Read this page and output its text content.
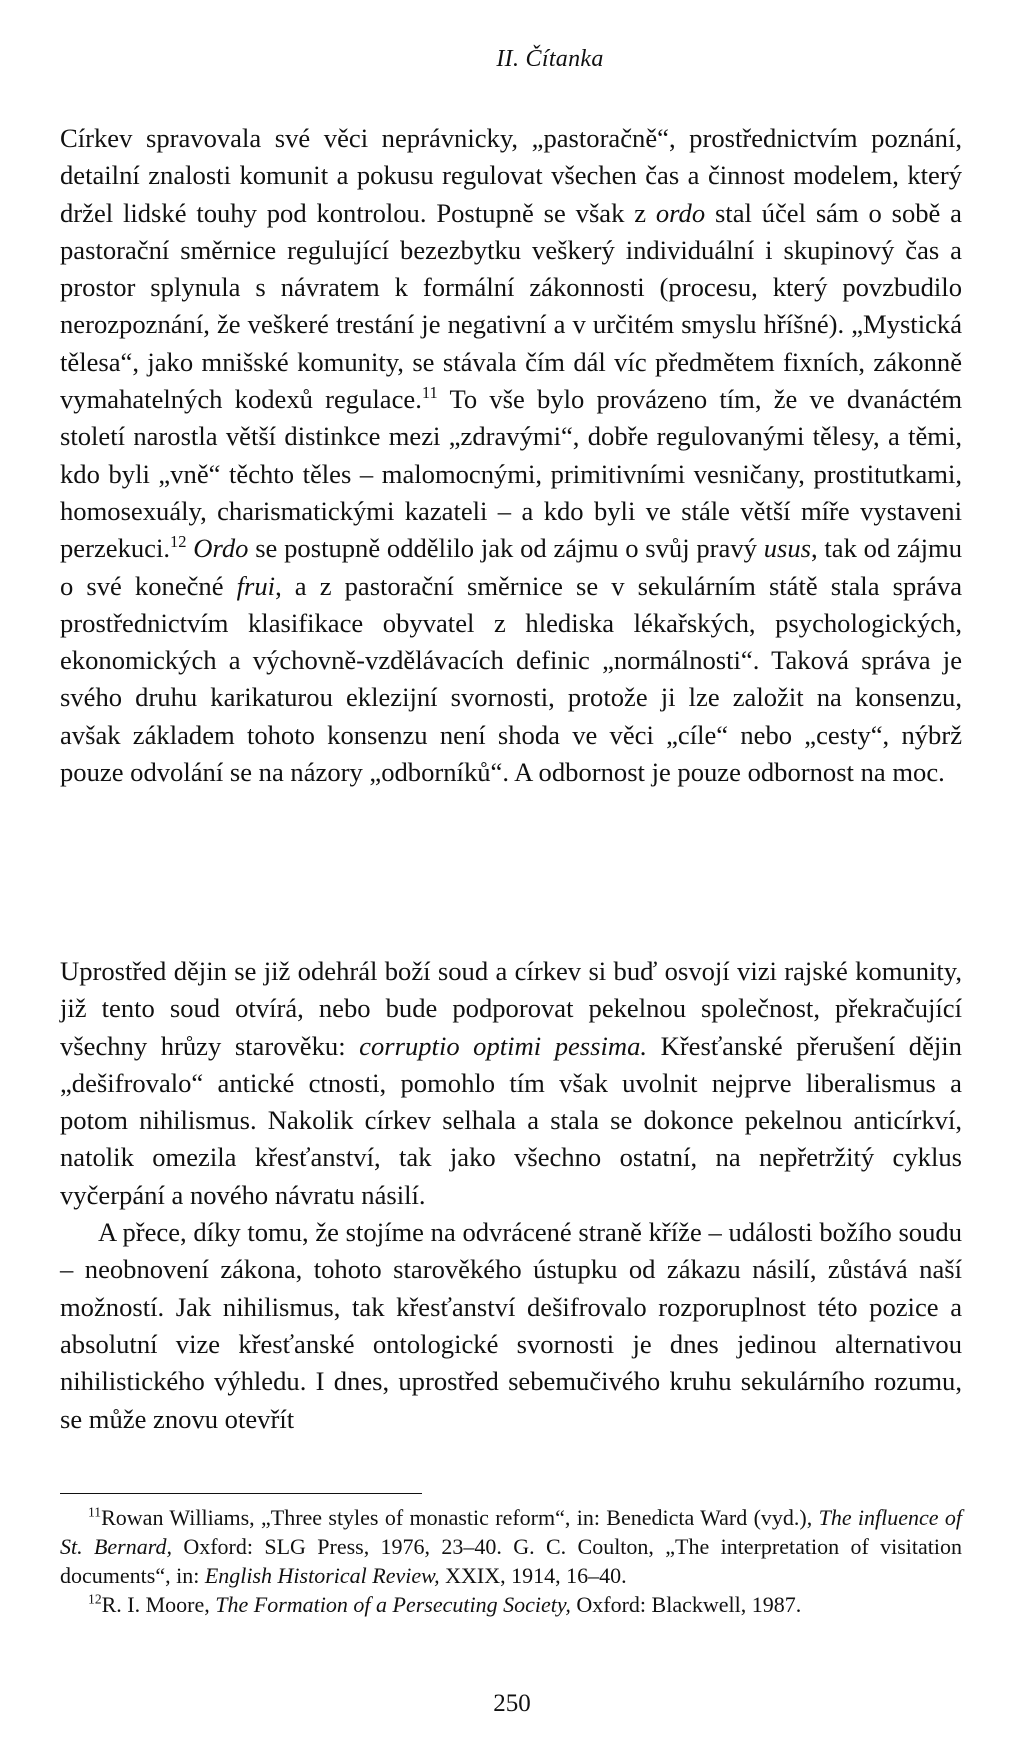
II. Čítanka

Církev spravovala své věci neprávnicky, „pastoračně“, prostřednictvím poznání, detailní znalosti komunit a pokusu regulovat všechen čas a činnost modelem, který držel lidské touhy pod kontrolou. Postupně se však z ordo stal účel sám o sobě a pastorační směrnice regulující bezezbytku veškerý individuální i skupinový čas a prostor splynula s návratem k formální zákonnosti (procesu, který povzbudilo nerozpoznání, že veškeré trestání je negativní a v určitém smyslu hříšné). „Mystická tělesa“, jako mnišské komunity, se stávala čím dál víc předmětem fixních, zákonně vymahatelných kodexů regulace.$^{11}$ To vše bylo provázeno tím, že ve dvanáctém století narostla větší distinkce mezi „zdravými“, dobře regulovanými tělesy, a těmi, kdo byli „vně“ těchto těles – malomocnými, primitivními vesničany, prostitutkami, homosexuály, charismatickými kazateli – a kdo byli ve stále větší míře vystaveni perzekuci.$^{12}$ Ordo se postupně oddělilo jak od zájmu o svůj pravý usus, tak od zájmu o své konečné frui, a z pastorační směrnice se v sekulárním státě stala správa prostřednictvím klasifikace obyvatel z hlediska lékařských, psychologických, ekonomických a výchovně-vzdělávacích definic „normálnosti“. Taková správa je svého druhu karikaturou eklezijní svornosti, protože ji lze založit na konsenzu, avšak základem tohoto konsenzu není shoda ve věci „cíle“ nebo „cesty“, nýbrž pouze odvolání se na názory „odborníků“. A odbornost je pouze odbornost na moc.

Uprostřed dějin se již odehrál boží soud a církev si buď osvojí vizi rajské komunity, již tento soud otvírá, nebo bude podporovat pekelnou společnost, překračující všechny hrůzy starověku: corruptio optimi pessima. Křesťanské přerušení dějin „dešifrovalo“ antické ctnosti, pomohlo tím však uvolnit nejprve liberalismus a potom nihilismus. Nakolik církev selhala a stala se dokonce pekelnou anticírkví, natolik omezila křesťanství, tak jako všechno ostatní, na nepřetržitý cyklus vyčerpání a nového návratu násilí.

A přece, díky tomu, že stojíme na odvrácené straně kříže – události božího soudu – neobnovení zákona, tohoto starověkého ústupku od zákazu násilí, zůstává naší možností. Jak nihilismus, tak křesťanství dešifrovalo rozporuplnost této pozice a absolutní vize křesťanské ontologické svornosti je dnes jedinou alternativou nihilistického výhledu. I dnes, uprostřed sebemučivého kruhu sekulárního rozumu, se může znovu otevřít

$^{11}$Rowan Williams, „Three styles of monastic reform“, in: Benedicta Ward (vyd.), The influence of St. Bernard, Oxford: SLG Press, 1976, 23–40. G. C. Coulton, „The interpretation of visitation documents“, in: English Historical Review, XXIX, 1914, 16–40.

$^{12}$R. I. Moore, The Formation of a Persecuting Society, Oxford: Blackwell, 1987.

250
